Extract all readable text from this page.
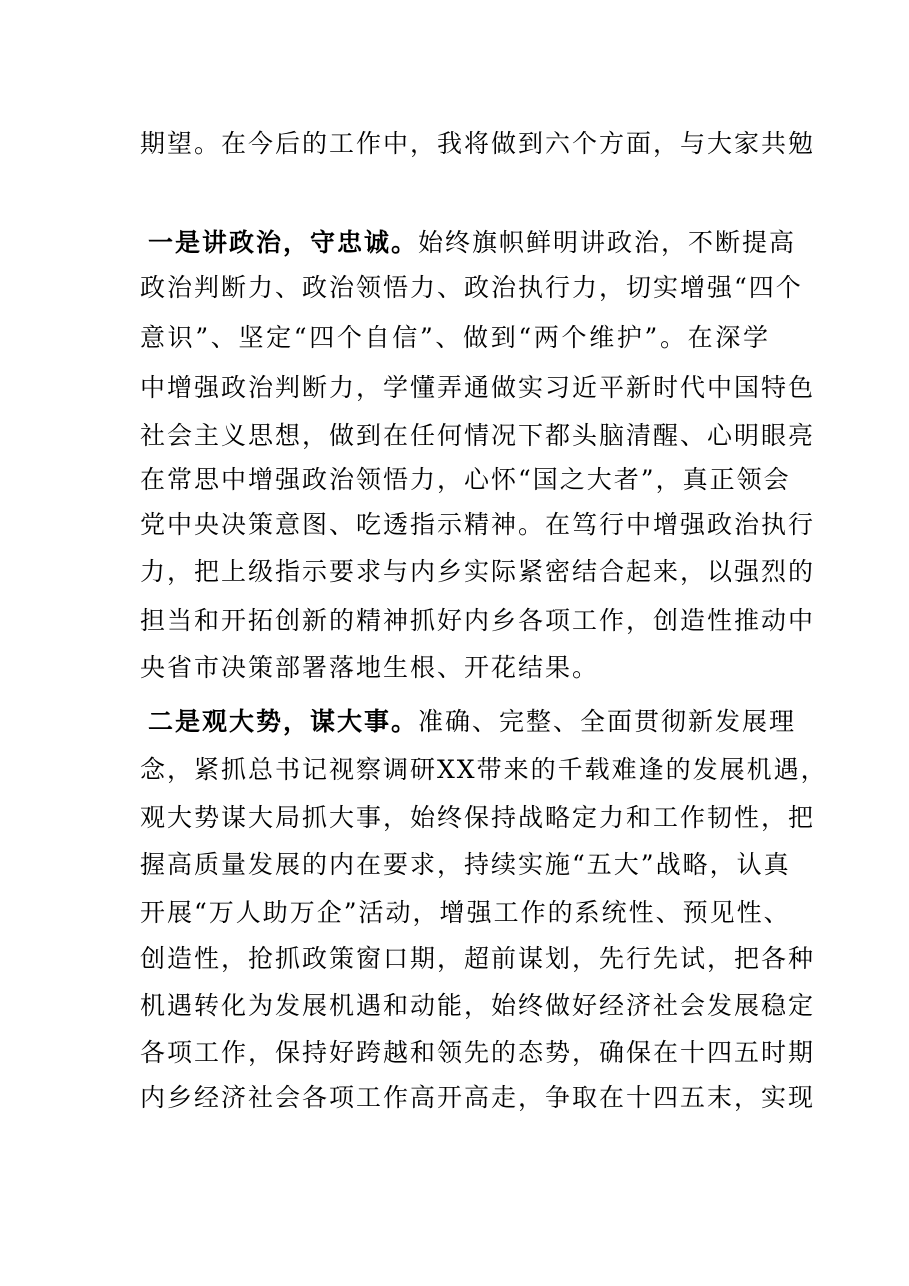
期望。在今后的工作中，我将做到六个方面，与大家共勉
一是讲政治，守忠诚。始终旗帜鲜明讲政治，不断提高
政治判断力、政治领悟力、政治执行力，切实增强“四个
意识”、坚定“四个自信”、做到“两个维护”。在深学
中增强政治判断力，学懂弄通做实习近平新时代中国特色
社会主义思想，做到在任何情况下都头脑清醒、心明眼亮
在常思中增强政治领悟力，心怀“国之大者”，真正领会
党中央决策意图、吃透指示精神。在笃行中增强政治执行
力，把上级指示要求与内乡实际紧密结合起来，以强烈的
担当和开拓创新的精神抓好内乡各项工作，创造性推动中
央省市决策部署落地生根、开花结果。
二是观大势，谋大事。准确、完整、全面贯彻新发展理
念，紧抓总书记视察调研XX带来的千载难逢的发展机遇，
观大势谋大局抓大事，始终保持战略定力和工作韧性，把
握高质量发展的内在要求，持续实施“五大”战略，认真
开展“万人助万企”活动，增强工作的系统性、预见性、
创造性，抢抓政策窗口期，超前谋划，先行先试，把各种
机遇转化为发展机遇和动能，始终做好经济社会发展稳定
各项工作，保持好跨越和领先的态势，确保在十四五时期
内乡经济社会各项工作高开高走，争取在十四五末，实现
